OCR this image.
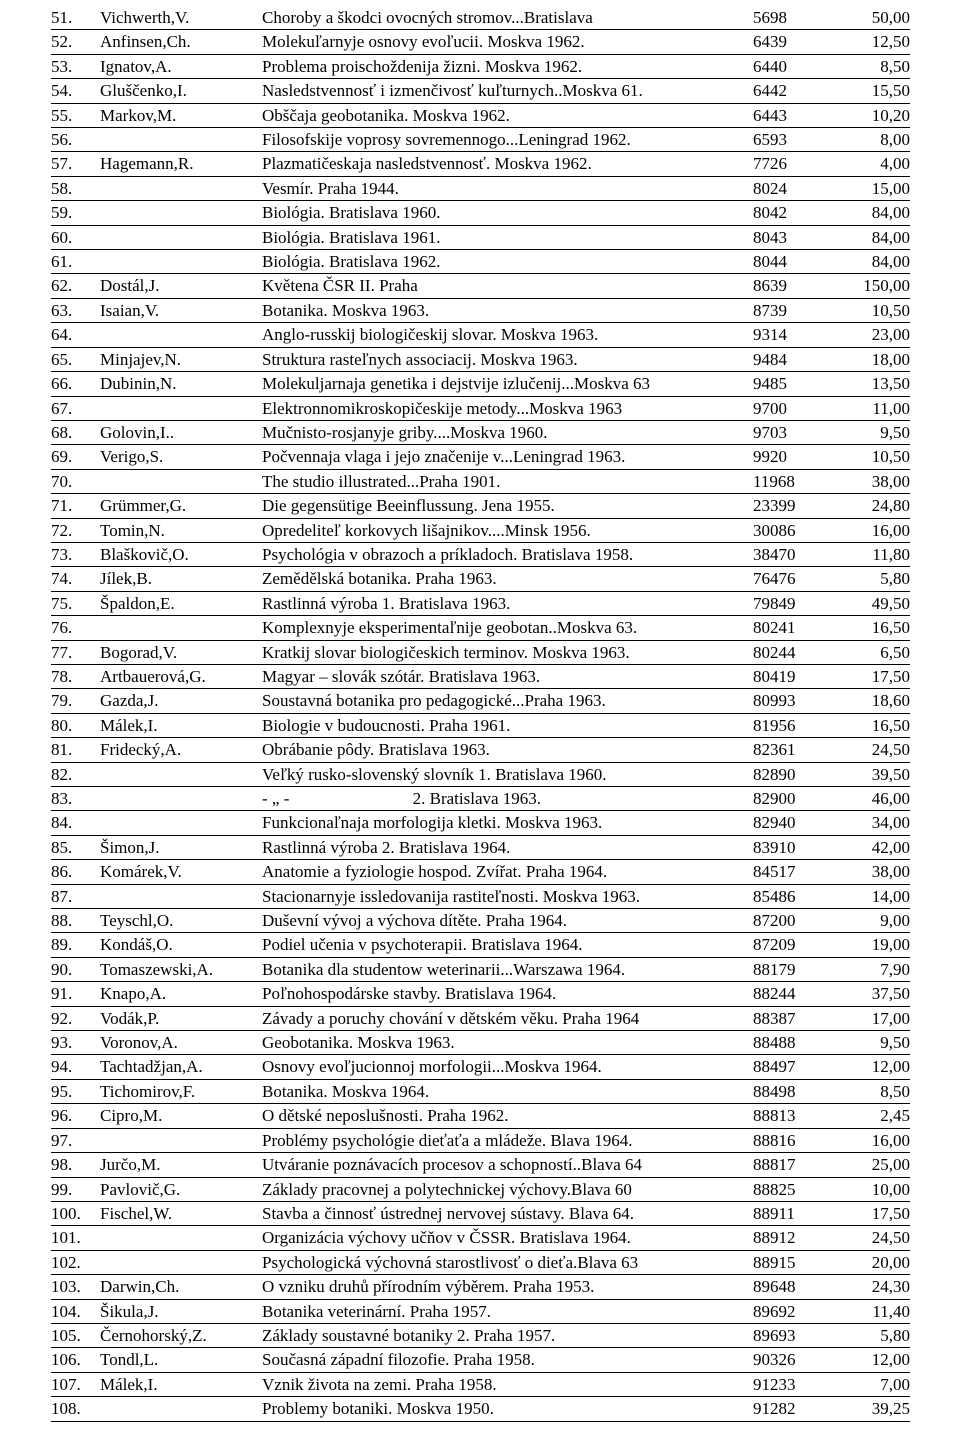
51.	Vichwerth,V.	Choroby a škodci ovocných stromov...Bratislava	5698	50,00
52.	Anfinsen,Ch.	Molekuľarnyje osnovy evoľucii. Moskva 1962.	6439	12,50
53.	Ignatov,A.	Problema proischoždenija žizni. Moskva 1962.	6440	8,50
54.	Gluščenko,I.	Nasledstvennosť i izmenčivosť kuľturnych..Moskva 61.	6442	15,50
55.	Markov,M.	Obščaja geobotanika. Moskva 1962.	6443	10,20
56.		Filosofskije voprosy sovremennogo...Leningrad 1962.	6593	8,00
57.	Hagemann,R.	Plazmatičeskaja nasledstvennosť. Moskva 1962.	7726	4,00
58.		Vesmír. Praha 1944.	8024	15,00
59.		Biológia. Bratislava 1960.	8042	84,00
60.		Biológia. Bratislava 1961.	8043	84,00
61.		Biológia. Bratislava 1962.	8044	84,00
62.	Dostál,J.	Květena ČSR II. Praha	8639	150,00
63.	Isaian,V.	Botanika. Moskva 1963.	8739	10,50
64.		Anglo-russkij biologičeskij slovar. Moskva 1963.	9314	23,00
65.	Minjajev,N.	Struktura rasteľnych associacij. Moskva 1963.	9484	18,00
66.	Dubinin,N.	Molekuljarnaja genetika i dejstvije izlučenij...Moskva 63	9485	13,50
67.		Elektronnomikroskopičeskije metody...Moskva 1963	9700	11,00
68.	Golovin,I..	Mučnisto-rosjanyje griby....Moskva 1960.	9703	9,50
69.	Verigo,S.	Počvennaja vlaga i jejo značenije v...Leningrad 1963.	9920	10,50
70.		The studio illustrated...Praha 1901.	11968	38,00
71.	Grümmer,G.	Die gegensütige Beeinflussung. Jena 1955.	23399	24,80
72.	Tomin,N.	Opredeliteľ korkovych lišajnikov....Minsk 1956.	30086	16,00
73.	Blaškovič,O.	Psychológia v obrazoch a príkladoch. Bratislava 1958.	38470	11,80
74.	Jílek,B.	Zemědělská botanika. Praha 1963.	76476	5,80
75.	Špaldon,E.	Rastlinná výroba 1. Bratislava 1963.	79849	49,50
76.		Komplexnyje eksperimentaľnije geobotan..Moskva 63.	80241	16,50
77.	Bogorad,V.	Kratkij slovar biologičeskich terminov. Moskva 1963.	80244	6,50
78.	Artbauerová,G.	Magyar – slovák szótár. Bratislava 1963.	80419	17,50
79.	Gazda,J.	Soustavná botanika pro pedagogické...Praha 1963.	80993	18,60
80.	Málek,I.	Biologie v budoucnosti. Praha 1961.	81956	16,50
81.	Fridecký,A.	Obrábanie pôdy. Bratislava 1963.	82361	24,50
82.		Veľký rusko-slovenský slovník 1. Bratislava 1960.	82890	39,50
83.		- „ -                             2. Bratislava 1963.	82900	46,00
84.		Funkcionaľnaja morfologija kletki. Moskva 1963.	82940	34,00
85.	Šimon,J.	Rastlinná výroba 2. Bratislava 1964.	83910	42,00
86.	Komárek,V.	Anatomie a fyziologie hospod. Zvířat. Praha 1964.	84517	38,00
87.		Stacionarnyje issledovanija rastiteľnosti. Moskva 1963.	85486	14,00
88.	Teyschl,O.	Duševní vývoj a výchova dítěte. Praha 1964.	87200	9,00
89.	Kondáš,O.	Podiel učenia v psychoterapii. Bratislava 1964.	87209	19,00
90.	Tomaszewski,A.	Botanika dla studentow weterinarii...Warszawa 1964.	88179	7,90
91.	Knapo,A.	Poľnohospodárske stavby. Bratislava 1964.	88244	37,50
92.	Vodák,P.	Závady a poruchy chování v dětském věku. Praha 1964	88387	17,00
93.	Voronov,A.	Geobotanika. Moskva 1963.	88488	9,50
94.	Tachtadžjan,A.	Osnovy evoľjucionnoj morfologii...Moskva 1964.	88497	12,00
95.	Tichomirov,F.	Botanika. Moskva 1964.	88498	8,50
96.	Cipro,M.	O dětské neposlušnosti. Praha 1962.	88813	2,45
97.		Problémy psychológie dieťaťa a mládeže. Blava 1964.	88816	16,00
98.	Jurčo,M.	Utváranie poznávacích procesov a schopností..Blava 64	88817	25,00
99.	Pavlovič,G.	Základy pracovnej a polytechnickej výchovy.Blava 60	88825	10,00
100.	Fischel,W.	Stavba a činnosť ústrednej nervovej sústavy. Blava 64.	88911	17,50
101.		Organizácia výchovy učňov v ČSSR. Bratislava 1964.	88912	24,50
102.		Psychologická výchovná starostlivosť o dieťa.Blava 63	88915	20,00
103.	Darwin,Ch.	O vzniku druhů přírodním výběrem. Praha 1953.	89648	24,30
104.	Šikula,J.	Botanika veterinární. Praha 1957.	89692	11,40
105.	Černohorský,Z.	Základy soustavné botaniky 2. Praha 1957.	89693	5,80
106.	Tondl,L.	Současná západní filozofie. Praha 1958.	90326	12,00
107.	Málek,I.	Vznik života na zemi. Praha 1958.	91233	7,00
108.		Problemy botaniki. Moskva 1950.	91282	39,25
